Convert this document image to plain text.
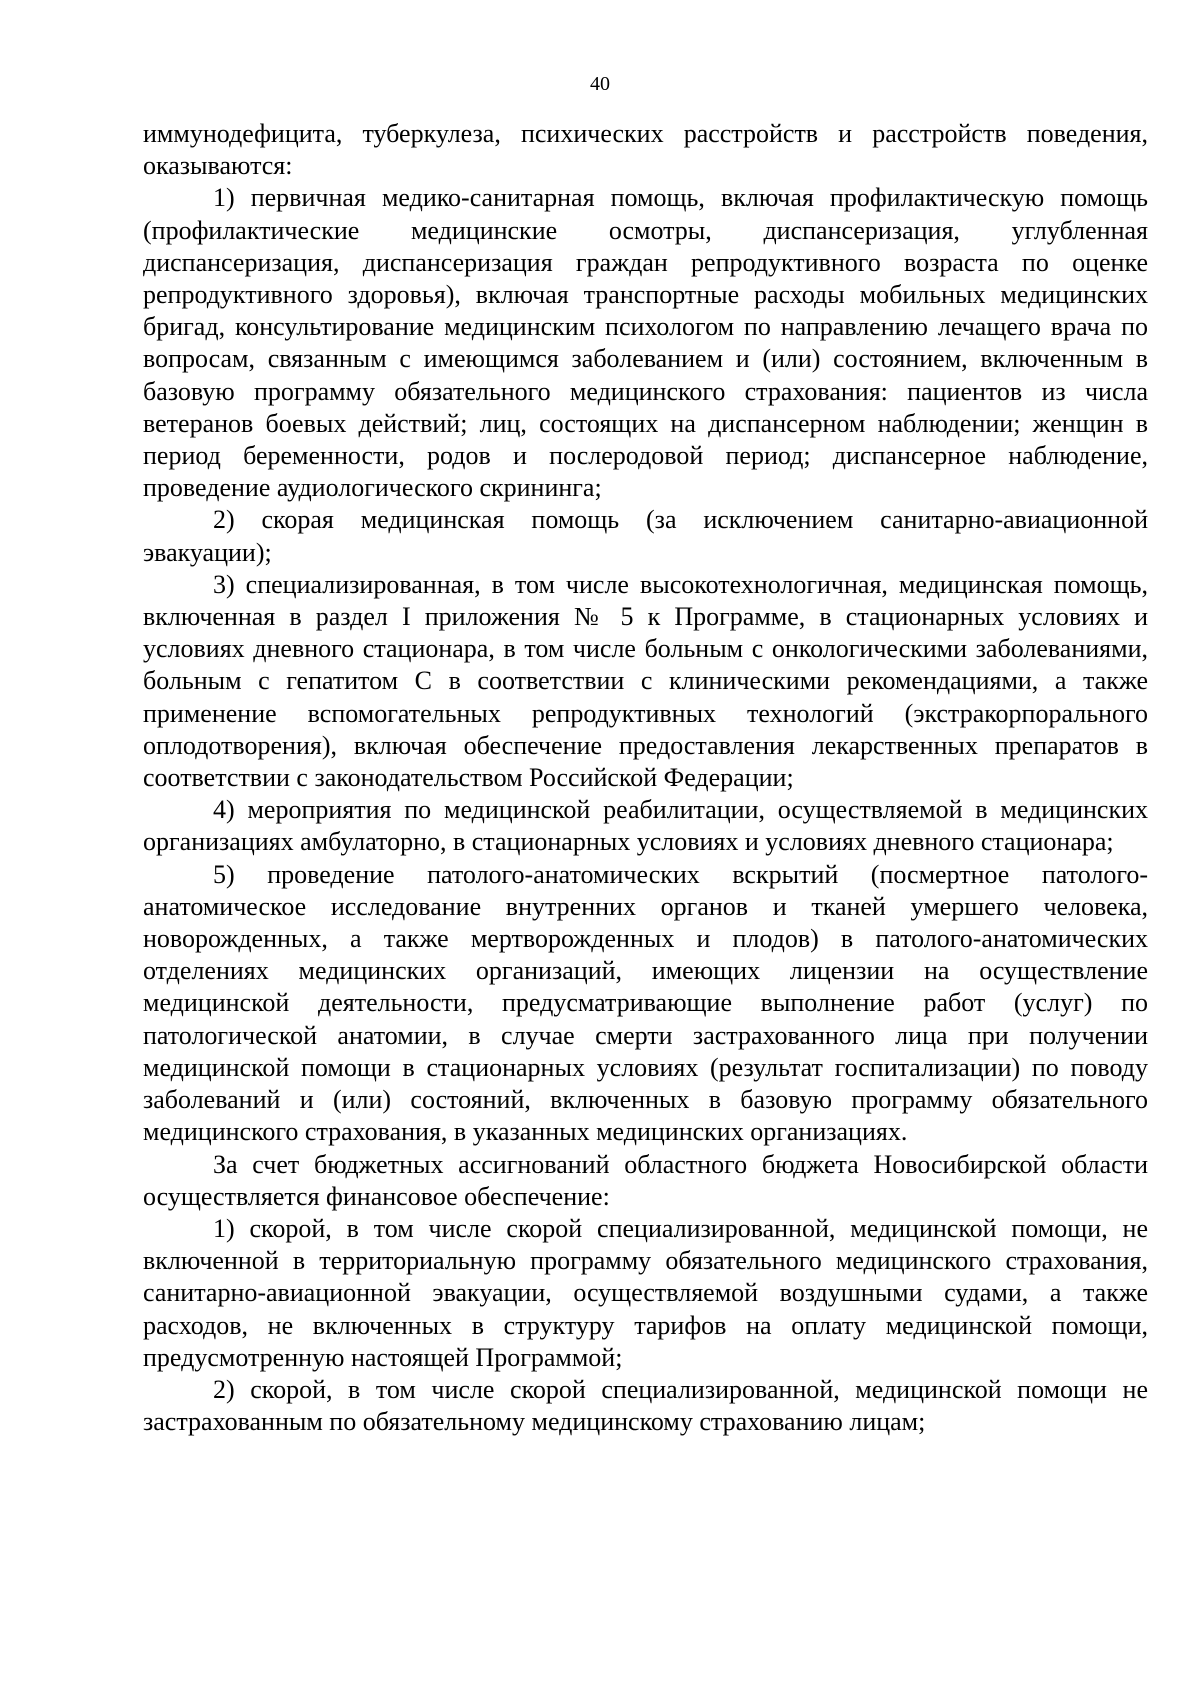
40

иммунодефицита, туберкулеза, психических расстройств и расстройств поведения, оказываются:

1) первичная медико-санитарная помощь, включая профилактическую помощь (профилактические медицинские осмотры, диспансеризация, углубленная диспансеризация, диспансеризация граждан репродуктивного возраста по оценке репродуктивного здоровья), включая транспортные расходы мобильных медицинских бригад, консультирование медицинским психологом по направлению лечащего врача по вопросам, связанным с имеющимся заболеванием и (или) состоянием, включенным в базовую программу обязательного медицинского страхования: пациентов из числа ветеранов боевых действий; лиц, состоящих на диспансерном наблюдении; женщин в период беременности, родов и послеродовой период; диспансерное наблюдение, проведение аудиологического скрининга;

2) скорая медицинская помощь (за исключением санитарно-авиационной эвакуации);

3) специализированная, в том числе высокотехнологичная, медицинская помощь, включенная в раздел I приложения № 5 к Программе, в стационарных условиях и условиях дневного стационара, в том числе больным с онкологическими заболеваниями, больным с гепатитом С в соответствии с клиническими рекомендациями, а также применение вспомогательных репродуктивных технологий (экстракорпорального оплодотворения), включая обеспечение предоставления лекарственных препаратов в соответствии с законодательством Российской Федерации;

4) мероприятия по медицинской реабилитации, осуществляемой в медицинских организациях амбулаторно, в стационарных условиях и условиях дневного стационара;

5) проведение патолого-анатомических вскрытий (посмертное патолого-анатомическое исследование внутренних органов и тканей умершего человека, новорожденных, а также мертворожденных и плодов) в патолого-анатомических отделениях медицинских организаций, имеющих лицензии на осуществление медицинской деятельности, предусматривающие выполнение работ (услуг) по патологической анатомии, в случае смерти застрахованного лица при получении медицинской помощи в стационарных условиях (результат госпитализации) по поводу заболеваний и (или) состояний, включенных в базовую программу обязательного медицинского страхования, в указанных медицинских организациях.

За счет бюджетных ассигнований областного бюджета Новосибирской области осуществляется финансовое обеспечение:

1) скорой, в том числе скорой специализированной, медицинской помощи, не включенной в территориальную программу обязательного медицинского страхования, санитарно-авиационной эвакуации, осуществляемой воздушными судами, а также расходов, не включенных в структуру тарифов на оплату медицинской помощи, предусмотренную настоящей Программой;

2) скорой, в том числе скорой специализированной, медицинской помощи не застрахованным по обязательному медицинскому страхованию лицам;
